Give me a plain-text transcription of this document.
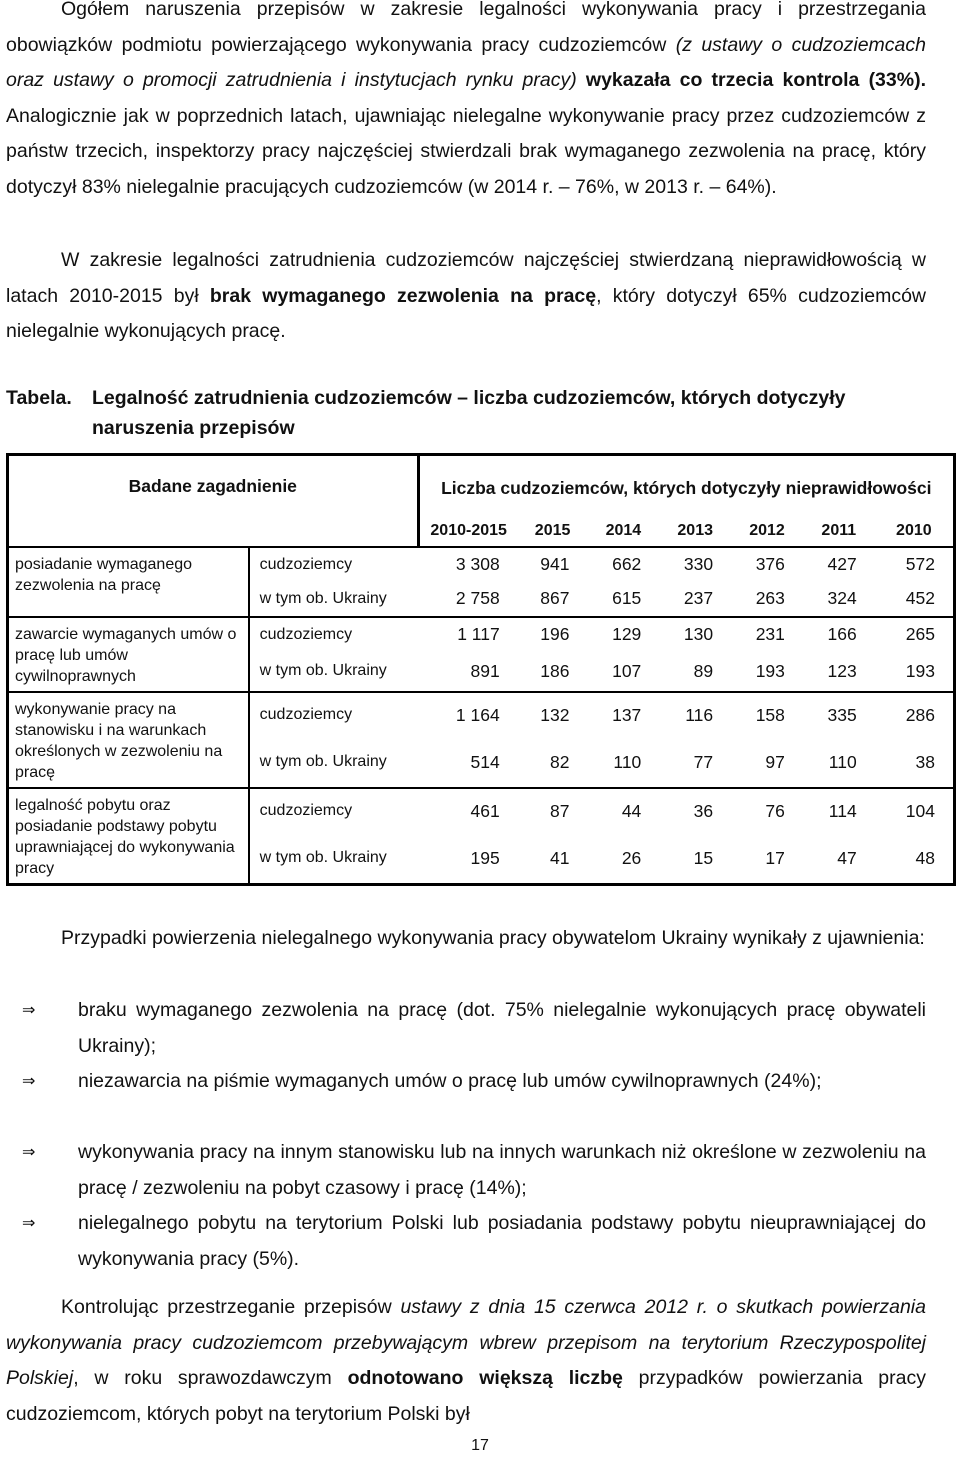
Ogółem naruszenia przepisów w zakresie legalności wykonywania pracy i przestrzegania obowiązków podmiotu powierzającego wykonywania pracy cudzoziemców (z ustawy o cudzoziemcach oraz ustawy o promocji zatrudnienia i instytucjach rynku pracy) wykazała co trzecia kontrola (33%). Analogicznie jak w poprzednich latach, ujawniając nielegalne wykonywanie pracy przez cudzoziemców z państw trzecich, inspektorzy pracy najczęściej stwierdzali brak wymaganego zezwolenia na pracę, który dotyczył 83% nielegalnie pracujących cudzoziemców (w 2014 r. – 76%, w 2013 r. – 64%).

W zakresie legalności zatrudnienia cudzoziemców najczęściej stwierdzaną nieprawidłowością w latach 2010-2015 był brak wymaganego zezwolenia na pracę, który dotyczył 65% cudzoziemców nielegalnie wykonujących pracę.

Tabela. Legalność zatrudnienia cudzoziemców – liczba cudzoziemców, których dotyczyły
naruszenia przepisów
Badane zagadnienie		Liczba cudzoziemców, których dotyczyły nieprawidłowości						
		2010-2015	2015	2014	2013	2012	2011	2010
posiadanie wymaganego zezwolenia na pracę	cudzoziemcy	3 308	941	662	330	376	427	572
	w tym ob. Ukrainy	2 758	867	615	237	263	324	452
zawarcie wymaganych umów o pracę lub umów cywilnoprawnych	cudzoziemcy	1 117	196	129	130	231	166	265
	w tym ob. Ukrainy	891	186	107	89	193	123	193
wykonywanie pracy na stanowisku i na warunkach określonych w zezwoleniu na pracę	cudzoziemcy	1 164	132	137	116	158	335	286
	w tym ob. Ukrainy	514	82	110	77	97	110	38
legalność pobytu oraz posiadanie podstawy pobytu uprawniającej do wykonywania pracy	cudzoziemcy	461	87	44	36	76	114	104
	w tym ob. Ukrainy	195	41	26	15	17	47	48

Przypadki powierzenia nielegalnego wykonywania pracy obywatelom Ukrainy wynikały z ujawnienia:

⇒ braku wymaganego zezwolenia na pracę (dot. 75% nielegalnie wykonujących pracę obywateli Ukrainy);
⇒ niezawarcia na piśmie wymaganych umów o pracę lub umów cywilnoprawnych (24%);
⇒ wykonywania pracy na innym stanowisku lub na innych warunkach niż określone w zezwoleniu na pracę / zezwoleniu na pobyt czasowy i pracę (14%);
⇒ nielegalnego pobytu na terytorium Polski lub posiadania podstawy pobytu nieuprawniającej do wykonywania pracy (5%).

Kontrolując przestrzeganie przepisów ustawy z dnia 15 czerwca 2012 r. o skutkach powierzania wykonywania pracy cudzoziemcom przebywającym wbrew przepisom na terytorium Rzeczypospolitej Polskiej, w roku sprawozdawczym odnotowano większą liczbę przypadków powierzania pracy cudzoziemcom, których pobyt na terytorium Polski był

17
